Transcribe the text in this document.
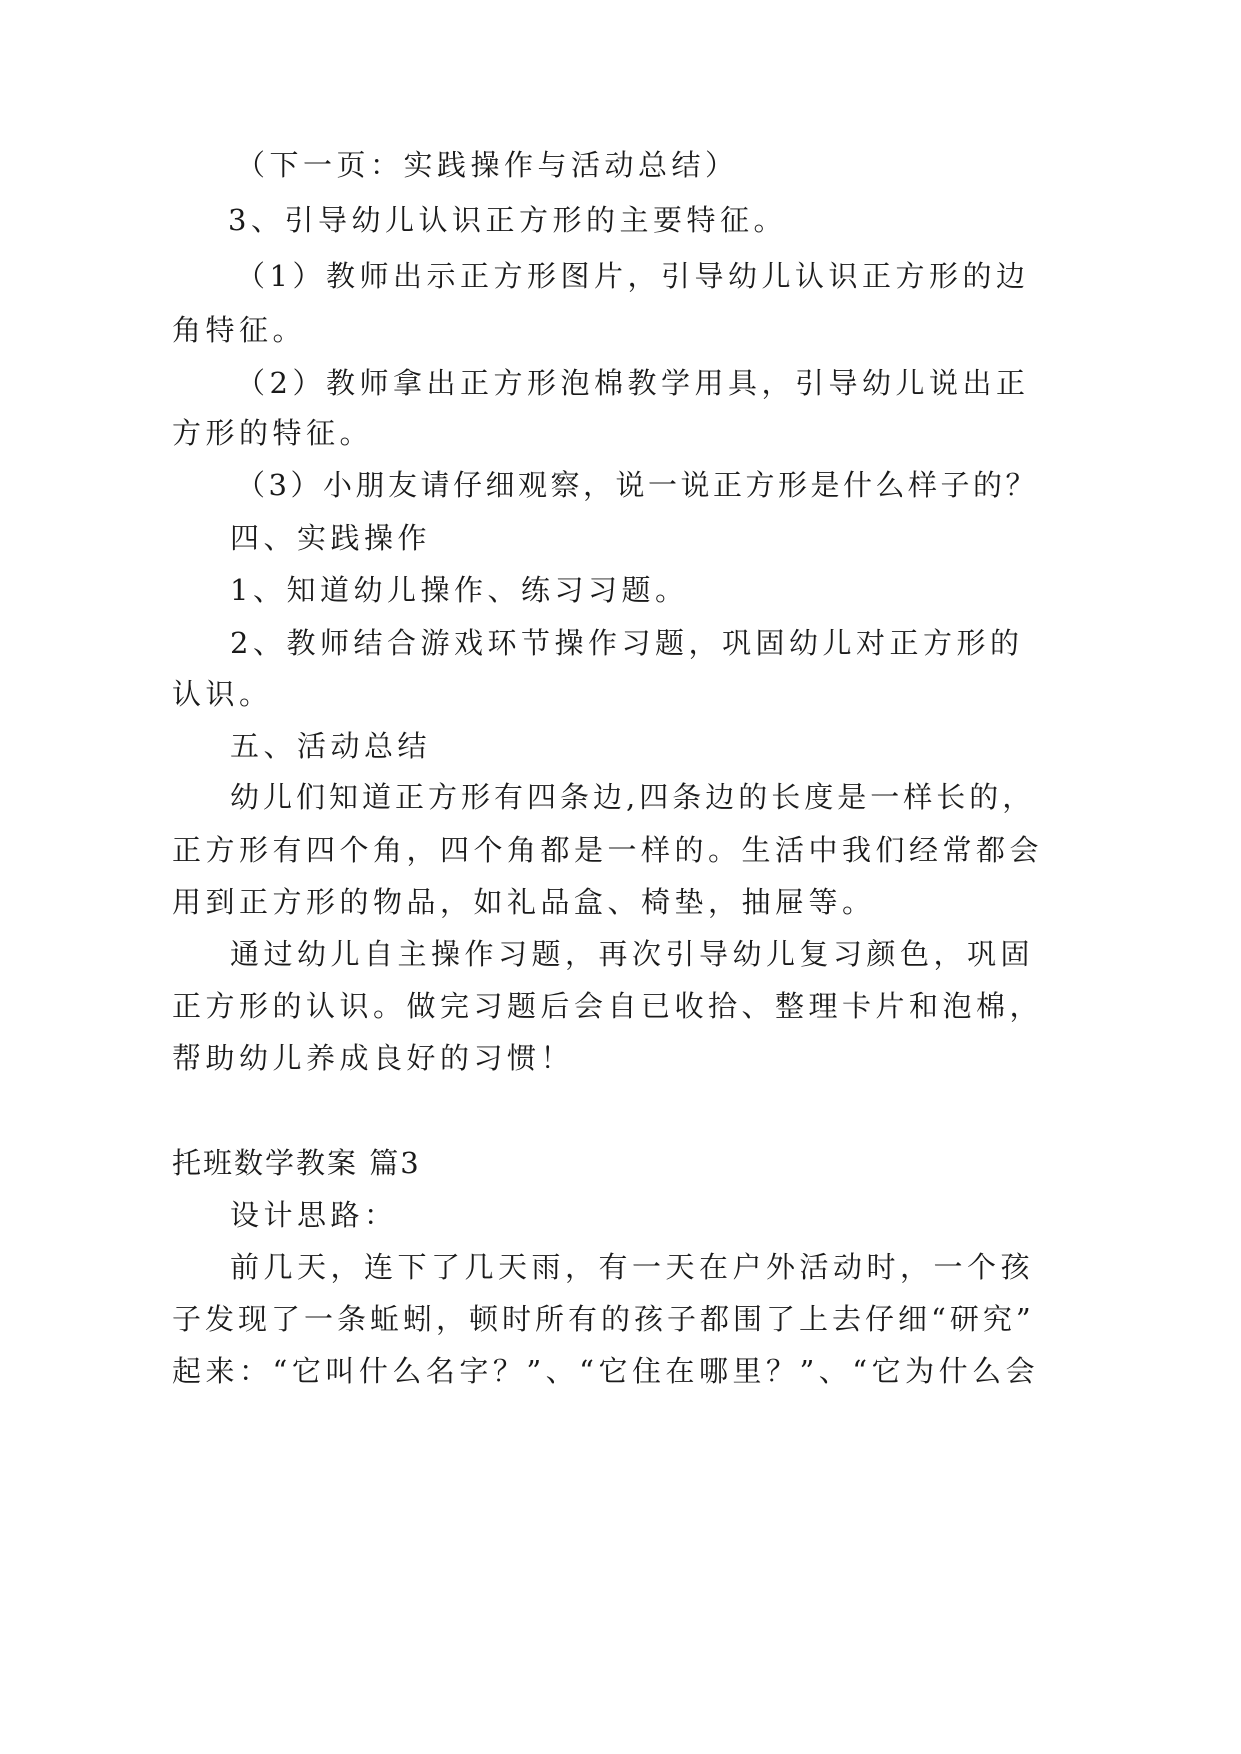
（下一页：实践操作与活动总结）
3、引导幼儿认识正方形的主要特征。
（1）教师出示正方形图片，引导幼儿认识正方形的边
角特征。
（2）教师拿出正方形泡棉教学用具，引导幼儿说出正
方形的特征。
（3）小朋友请仔细观察，说一说正方形是什么样子的？
四、实践操作
1、知道幼儿操作、练习习题。
2、教师结合游戏环节操作习题，巩固幼儿对正方形的
认识。
五、活动总结
幼儿们知道正方形有四条边,四条边的长度是一样长的，
正方形有四个角，四个角都是一样的。生活中我们经常都会
用到正方形的物品，如礼品盒、椅垫，抽屉等。
通过幼儿自主操作习题，再次引导幼儿复习颜色，巩固
正方形的认识。做完习题后会自已收拾、整理卡片和泡棉，
帮助幼儿养成良好的习惯！
托班数学教案 篇3
设计思路：
前几天，连下了几天雨，有一天在户外活动时，一个孩
子发现了一条蚯蚓，顿时所有的孩子都围了上去仔细“研究”
起来：“它叫什么名字？”、“它住在哪里？”、“它为什么会
